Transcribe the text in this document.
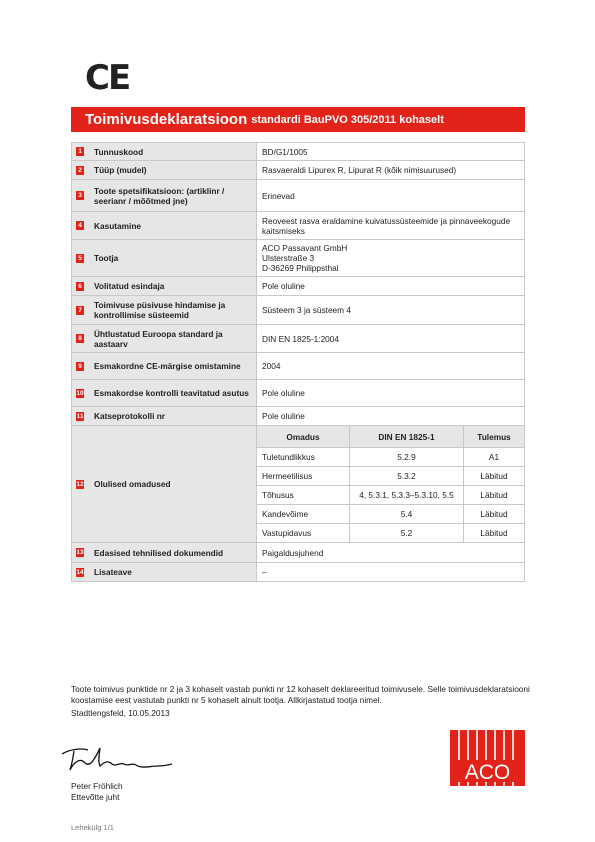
CE
Toimivusdeklaratsioon standardi BauPVO 305/2011 kohaselt
1 Tunnuskood	BD/G1/1005

2 Tüüp (mudel)	Rasvaeraldi Lipurex R, Lipurat R (kõik nimisuurused)

3 Toote spetsifikatsioon: (artiklinr / seerianr / mõõtmed jne)	Erinevad

4 Kasutamine	Reoveest rasva eraldamine kuivatussüsteemide ja pinnaveekogude kaitsmiseks

5 Tootja
	ACO Passavant GmbH
Ulsterstraße 3
D-36269 Philippsthal

6 Volitatud esindaja	Pole oluline

7 Toimivuse püsivuse hindamise ja kontrollimise süsteemid	Süsteem 3 ja süsteem 4

8 Ühtlustatud Euroopa standard ja aastaarv	DIN EN 1825-1:2004

9 Esmakordne CE-märgise omistamine	2004

10 Esmakordse kontrolli teavitatud asutus	Pole oluline

11 Katseprotokolli nr	Pole oluline

12 Olulised omadused

Omadus	DIN EN 1825-1	Tulemus
Tuletundlikkus	5.2.9	A1
Hermeetilisus	5.3.2	Läbitud
Tõhusus	4, 5.3.1, 5.3.3–5.3.10, 5.5	Läbitud
Kandevõime	5.4	Läbitud
Vastupidavus	5.2	Läbitud

13 Edasised tehnilised dokumendid	Paigaldusjuhend

14 Lisateave	–
Toote toimivus punktide nr 2 ja 3 kohaselt vastab punkti nr 12 kohaselt deklareeritud toimivusele. Selle toimivusdeklaratsiooni koostamise eest vastutab punkti nr 5 kohaselt ainult tootja. Allkirjastatud tootja nimel.
Stadtlengsfeld, 10.05.2013
Peter Fröhlich
Ettevõtte juht
Lehekülg 1/1
ACO
